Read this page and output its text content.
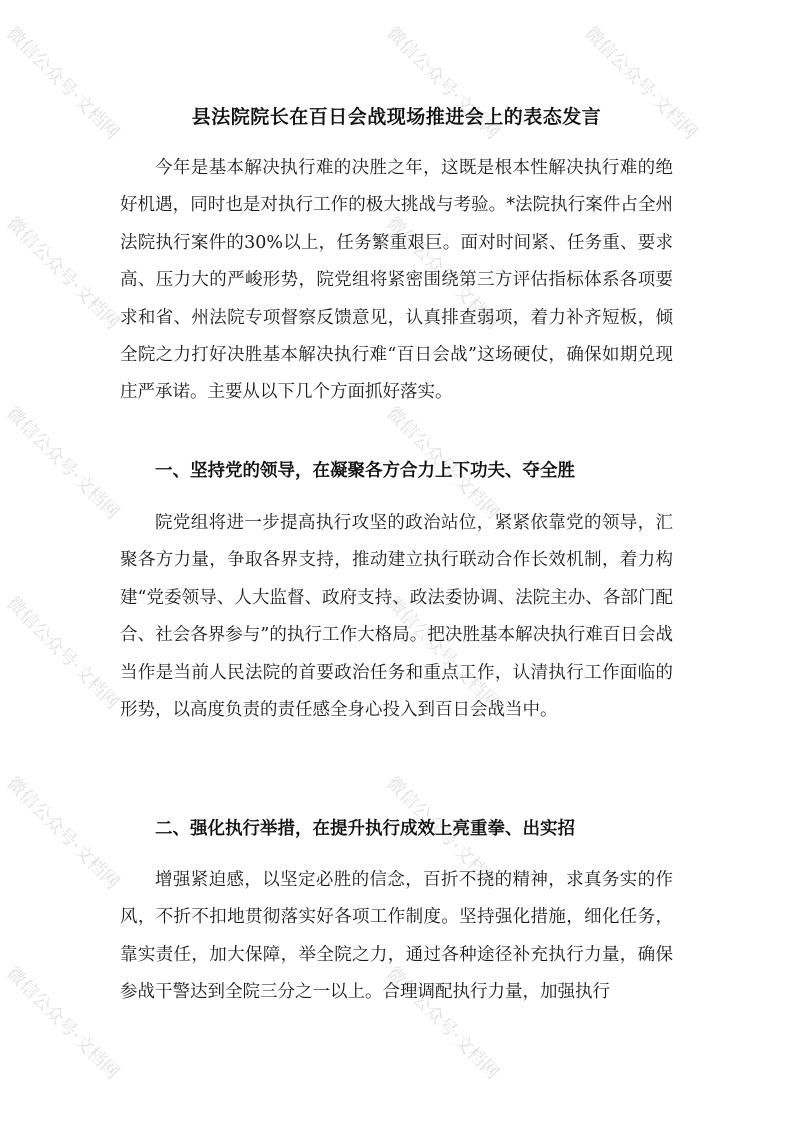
微信公众号·文档网	微信公众号·文档网	微信公众号·文档网
微信公众号·文档网	微信公众号·文档网
微信公众号·文档网	微信公众号·文档网
微信公众号·文档网	微信公众号·文档网
微信公众号·文档网	微信公众号·文档网
微信公众号·文档网	微信公众号·文档网
县法院院长在百日会战现场推进会上的表态发言

今年是基本解决执行难的决胜之年，这既是根本性解决执行难的绝好机遇，同时也是对执行工作的极大挑战与考验。*法院执行案件占全州法院执行案件的30%以上，任务繁重艰巨。面对时间紧、任务重、要求高、压力大的严峻形势，院党组将紧密围绕第三方评估指标体系各项要求和省、州法院专项督察反馈意见，认真排查弱项，着力补齐短板，倾全院之力打好决胜基本解决执行难“百日会战”这场硬仗，确保如期兑现庄严承诺。主要从以下几个方面抓好落实。

一、坚持党的领导，在凝聚各方合力上下功夫、夺全胜

院党组将进一步提高执行攻坚的政治站位，紧紧依靠党的领导，汇聚各方力量，争取各界支持，推动建立执行联动合作长效机制，着力构建“党委领导、人大监督、政府支持、政法委协调、法院主办、各部门配合、社会各界参与”的执行工作大格局。把决胜基本解决执行难百日会战当作是当前人民法院的首要政治任务和重点工作，认清执行工作面临的形势，以高度负责的责任感全身心投入到百日会战当中。

二、强化执行举措，在提升执行成效上亮重拳、出实招

增强紧迫感，以坚定必胜的信念，百折不挠的精神，求真务实的作风，不折不扣地贯彻落实好各项工作制度。坚持强化措施，细化任务，靠实责任，加大保障，举全院之力，通过各种途径补充执行力量，确保参战干警达到全院三分之一以上。合理调配执行力量，加强执行
